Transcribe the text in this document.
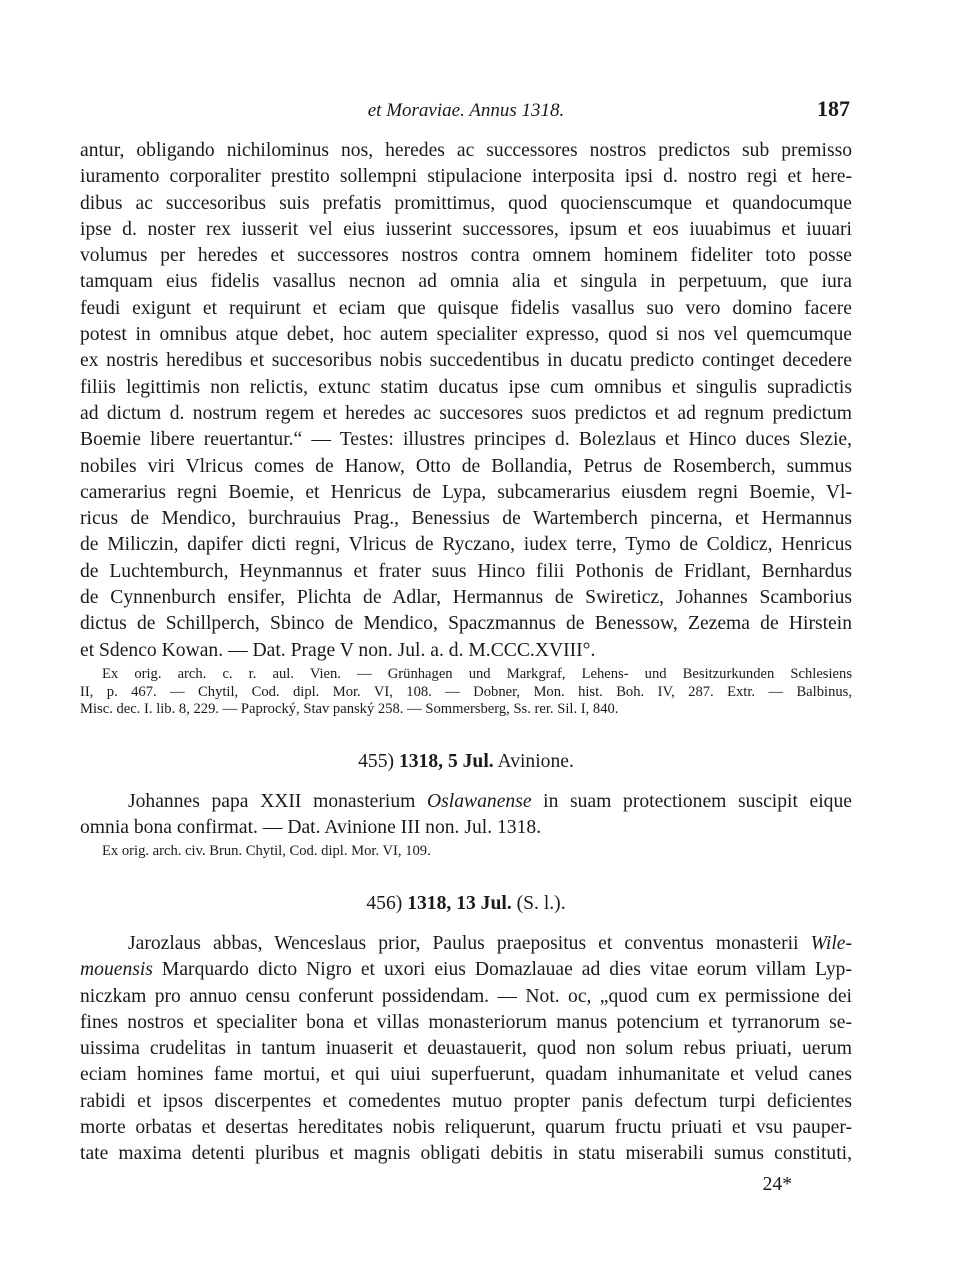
et Moraviae. Annus 1318.	187
antur, obligando nichilominus nos, heredes ac successores nostros predictos sub premisso
iuramento corporaliter prestito sollempni stipulacione interposita ipsi d. nostro regi et here-
dibus ac succesoribus suis prefatis promittimus, quod quocienscumque et quandocumque
ipse d. noster rex iusserit vel eius iusserint successores, ipsum et eos iuuabimus et iuuari
volumus per heredes et successores nostros contra omnem hominem fideliter toto posse
tamquam eius fidelis vasallus necnon ad omnia alia et singula in perpetuum, que iura
feudi exigunt et requirunt et eciam que quisque fidelis vasallus suo vero domino facere
potest in omnibus atque debet, hoc autem specialiter expresso, quod si nos vel quemcumque
ex nostris heredibus et succesoribus nobis succedentibus in ducatu predicto continget decedere
filiis legittimis non relictis, extunc statim ducatus ipse cum omnibus et singulis supradictis
ad dictum d. nostrum regem et heredes ac succesores suos predictos et ad regnum predictum
Boemie libere reuertantur.“ — Testes: illustres principes d. Bolezlaus et Hinco duces Slezie,
nobiles viri Vlricus comes de Hanow, Otto de Bollandia, Petrus de Rosemberch, summus
camerarius regni Boemie, et Henricus de Lypa, subcamerarius eiusdem regni Boemie, Vl-
ricus de Mendico, burchrauius Prag., Benessius de Wartemberch pincerna, et Hermannus
de Miliczin, dapifer dicti regni, Vlricus de Ryczano, iudex terre, Tymo de Coldicz, Henricus
de Luchtemburch, Heynmannus et frater suus Hinco filii Pothonis de Fridlant, Bernhardus
de Cynnenburch ensifer, Plichta de Adlar, Hermannus de Swireticz, Johannes Scamborius
dictus de Schillperch, Sbinco de Mendico, Spaczmannus de Benessow, Zezema de Hirstein
et Sdenco Kowan. — Dat. Prage V non. Jul. a. d. M.CCC.XVIII°.
Ex orig. arch. c. r. aul. Vien. — Grünhagen und Markgraf, Lehens- und Besitzurkunden Schlesiens
II, p. 467. — Chytil, Cod. dipl. Mor. VI, 108. — Dobner, Mon. hist. Boh. IV, 287. Extr. — Balbinus,
Misc. dec. I. lib. 8, 229. — Paprocký, Stav panský 258. — Sommersberg, Ss. rer. Sil. I, 840.
455) 1318, 5 Jul. Avinione.
Johannes papa XXII monasterium Oslawanense in suam protectionem suscipit eique
omnia bona confirmat. — Dat. Avinione III non. Jul. 1318.
Ex orig. arch. civ. Brun. Chytil, Cod. dipl. Mor. VI, 109.
456) 1318, 13 Jul. (S. l.).
Jarozlaus abbas, Wenceslaus prior, Paulus praepositus et conventus monasterii Wile-
mouensis Marquardo dicto Nigro et uxori eius Domazlauae ad dies vitae eorum villam Lyp-
niczkam pro annuo censu conferunt possidendam. — Not. oc, „quod cum ex permissione dei
fines nostros et specialiter bona et villas monasteriorum manus potencium et tyrranorum se-
uissima crudelitas in tantum inuaserit et deuastauerit, quod non solum rebus priuati, uerum
eciam homines fame mortui, et qui uiui superfuerunt, quadam inhumanitate et velud canes
rabidi et ipsos discerpentes et comedentes mutuo propter panis defectum turpi deficientes
morte orbatas et desertas hereditates nobis reliquerunt, quarum fructu priuati et vsu pauper-
tate maxima detenti pluribus et magnis obligati debitis in statu miserabili sumus constituti,
24*
